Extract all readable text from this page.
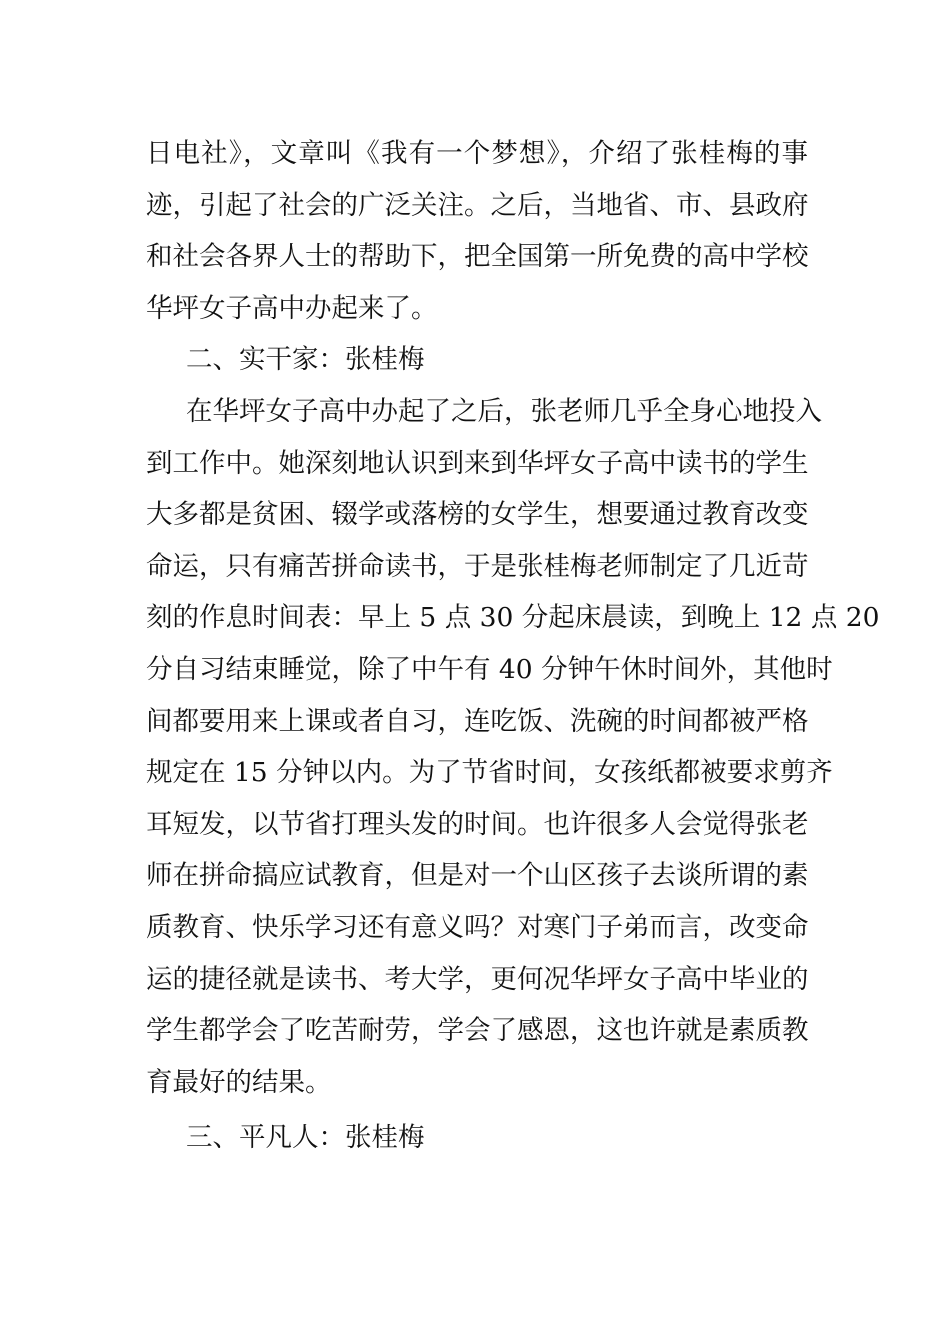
日电社》，文章叫《我有一个梦想》，介绍了张桂梅的事
迹，引起了社会的广泛关注。之后，当地省、市、县政府
和社会各界人士的帮助下，把全国第一所免费的高中学校
华坪女子高中办起来了。
二、实干家：张桂梅
在华坪女子高中办起了之后，张老师几乎全身心地投入
到工作中。她深刻地认识到来到华坪女子高中读书的学生
大多都是贫困、辍学或落榜的女学生，想要通过教育改变
命运，只有痛苦拼命读书，于是张桂梅老师制定了几近苛
刻的作息时间表：早上 5 点 30 分起床晨读，到晚上 12 点 20
分自习结束睡觉，除了中午有 40 分钟午休时间外，其他时
间都要用来上课或者自习，连吃饭、洗碗的时间都被严格
规定在 15 分钟以内。为了节省时间，女孩纸都被要求剪齐
耳短发，以节省打理头发的时间。也许很多人会觉得张老
师在拼命搞应试教育，但是对一个山区孩子去谈所谓的素
质教育、快乐学习还有意义吗？对寒门子弟而言，改变命
运的捷径就是读书、考大学，更何况华坪女子高中毕业的
学生都学会了吃苦耐劳，学会了感恩，这也许就是素质教
育最好的结果。
三、平凡人：张桂梅
